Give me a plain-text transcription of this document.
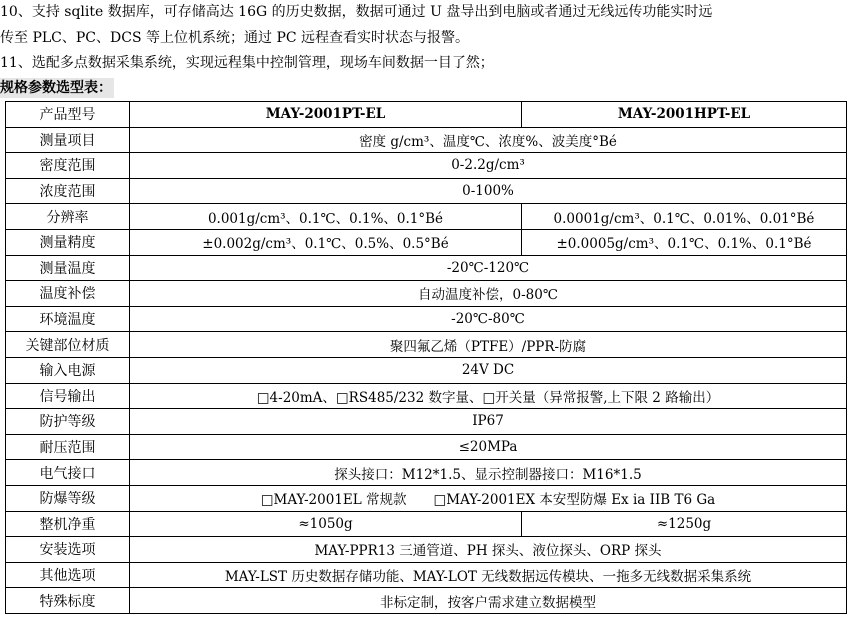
10、支持 sqlite 数据库，可存储高达 16G 的历史数据，数据可通过 U 盘导出到电脑或者通过无线远传功能实时远
传至 PLC、PC、DCS 等上位机系统；通过 PC 远程查看实时状态与报警。
11、选配多点数据采集系统，实现远程集中控制管理，现场车间数据一目了然；
规格参数选型表：
产品型号	MAY-2001PT-EL	MAY-2001HPT-EL
测量项目	密度 g/cm³、温度℃、浓度%、波美度°Bé	
密度范围	0-2.2g/cm³	
浓度范围	0-100%	
分辨率	0.001g/cm³、0.1℃、0.1%、0.1°Bé	0.0001g/cm³、0.1℃、0.01%、0.01°Bé
测量精度	±0.002g/cm³、0.1℃、0.5%、0.5°Bé	±0.0005g/cm³、0.1℃、0.1%、0.1°Bé
测量温度	-20℃-120℃	
温度补偿	自动温度补偿，0-80℃	
环境温度	-20℃-80℃	
关键部位材质	聚四氟乙烯（PTFE）/PPR-防腐	
输入电源	24V DC	
信号输出	□4-20mA、□RS485/232 数字量、□开关量（异常报警,上下限 2 路输出）	
防护等级	IP67	
耐压范围	≤20MPa	
电气接口	探头接口：M12*1.5、显示控制器接口：M16*1.5	
防爆等级	□MAY-2001EL 常规款　　□MAY-2001EX 本安型防爆 Ex ia IIB T6 Ga	
整机净重	≈1050g	≈1250g
安装选项	MAY-PPR13 三通管道、PH 探头、液位探头、ORP 探头	
其他选项	MAY-LST 历史数据存储功能、MAY-LOT 无线数据远传模块、一拖多无线数据采集系统	
特殊标度	非标定制，按客户需求建立数据模型	
